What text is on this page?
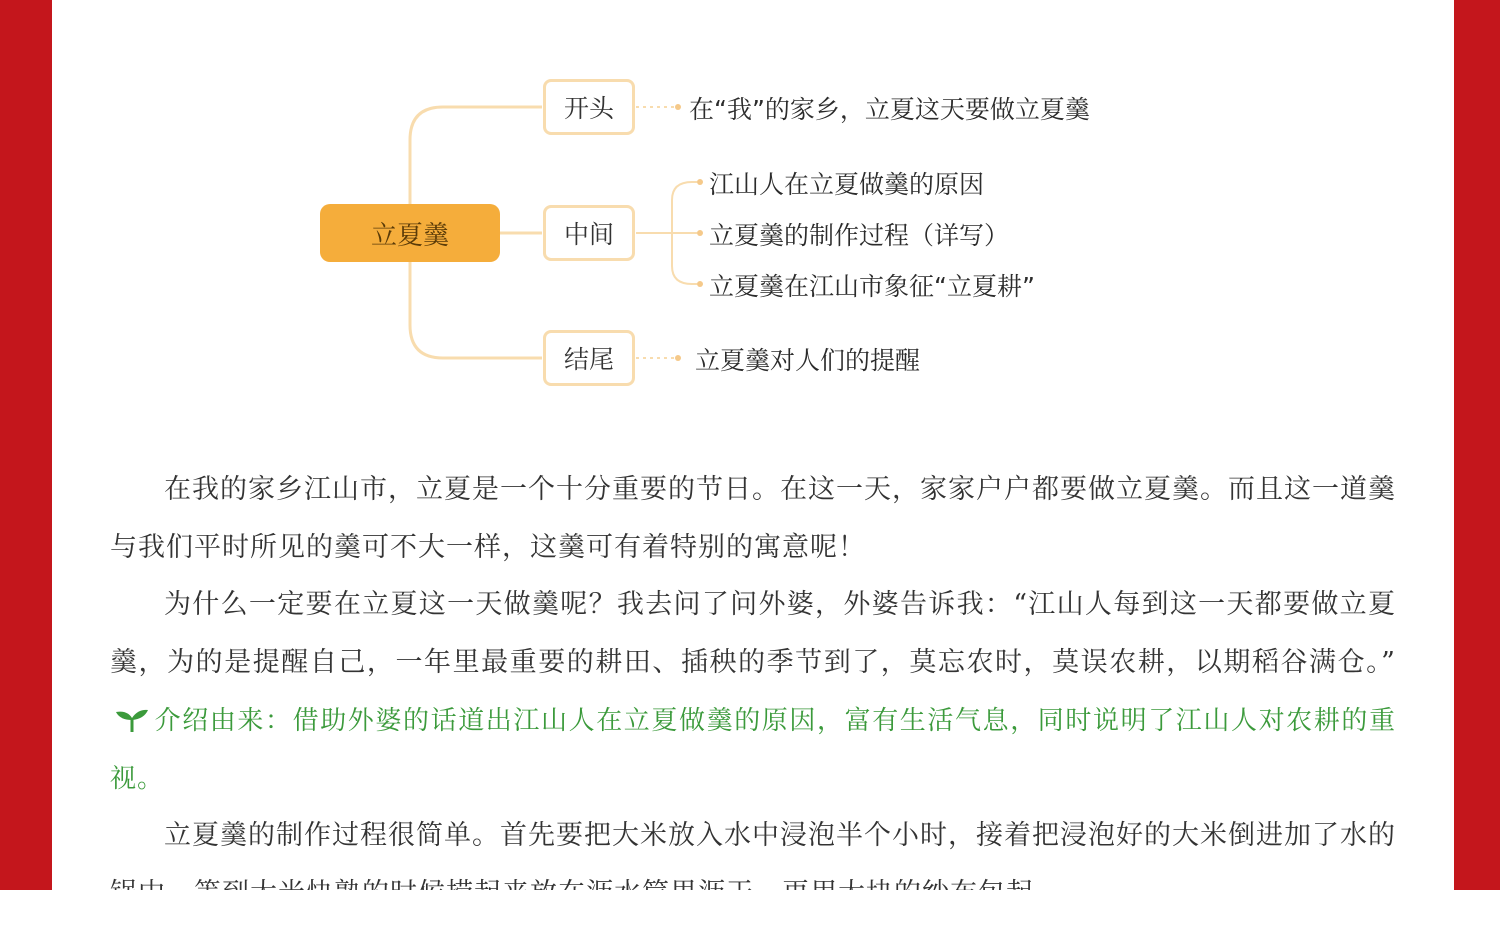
立夏羹
开头
中间
结尾
在“我”的家乡，立夏这天要做立夏羹
江山人在立夏做羹的原因
立夏羹的制作过程（详写）
立夏羹在江山市象征“立夏耕”
立夏羹对人们的提醒

在我的家乡江山市，立夏是一个十分重要的节日。在这一天，家家户户都要做立夏羹。而且这一道羹与我们平时所见的羹可不大一样，这羹可有着特别的寓意呢！

为什么一定要在立夏这一天做羹呢？我去问了问外婆，外婆告诉我：“江山人每到这一天都要做立夏羹，为的是提醒自己，一年里最重要的耕田、插秧的季节到了，莫忘农时，莫误农耕，以期稻谷满仓。”介绍由来：借助外婆的话道出江山人在立夏做羹的原因，富有生活气息，同时说明了江山人对农耕的重视。

立夏羹的制作过程很简单。首先要把大米放入水中浸泡半个小时，接着把浸泡好的大米倒进加了水的
